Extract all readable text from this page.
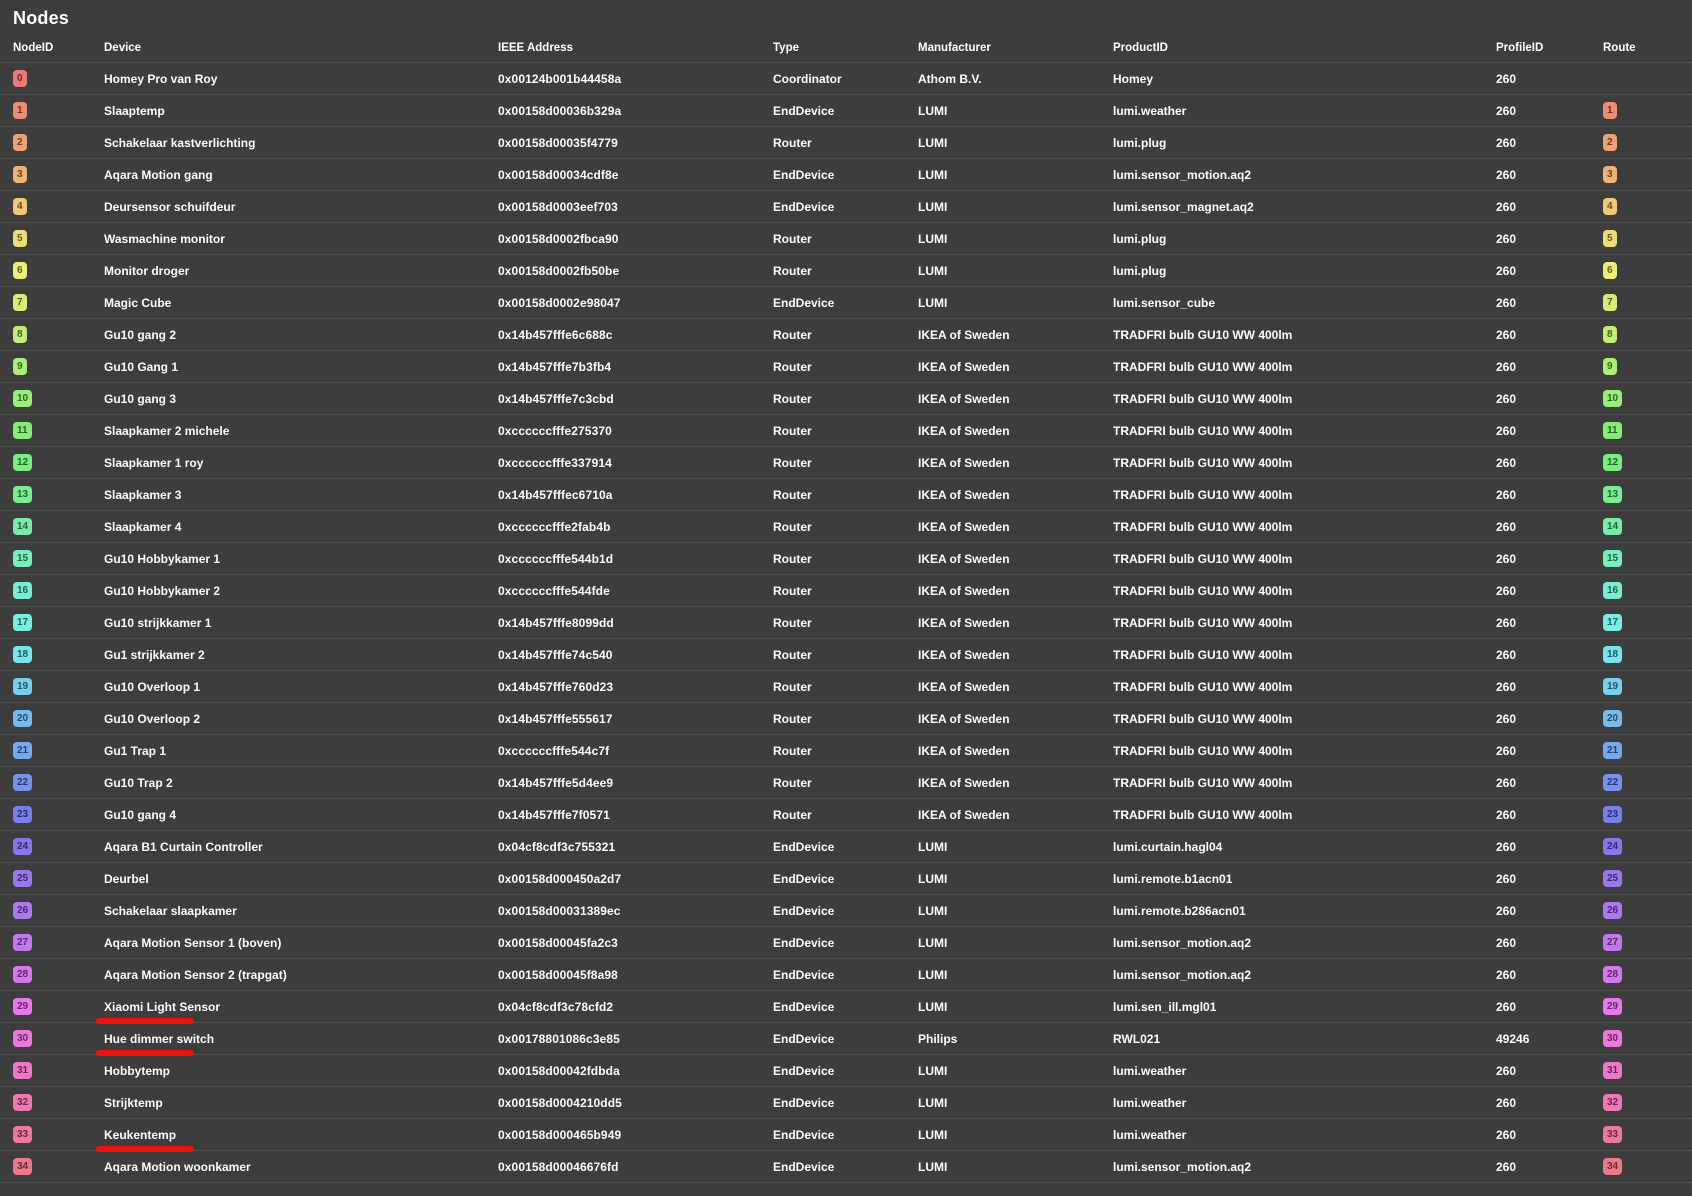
Nodes
NodeID	Device	IEEE Address	Type	Manufacturer	ProductID	ProfileID	Route
0	Homey Pro van Roy	0x00124b001b44458a	Coordinator	Athom B.V.	Homey	260
1	Slaaptemp	0x00158d00036b329a	EndDevice	LUMI	lumi.weather	260	1
2	Schakelaar kastverlichting	0x00158d00035f4779	Router	LUMI	lumi.plug	260	2
3	Aqara Motion gang	0x00158d00034cdf8e	EndDevice	LUMI	lumi.sensor_motion.aq2	260	3
4	Deursensor schuifdeur	0x00158d0003eef703	EndDevice	LUMI	lumi.sensor_magnet.aq2	260	4
5	Wasmachine monitor	0x00158d0002fbca90	Router	LUMI	lumi.plug	260	5
6	Monitor droger	0x00158d0002fb50be	Router	LUMI	lumi.plug	260	6
7	Magic Cube	0x00158d0002e98047	EndDevice	LUMI	lumi.sensor_cube	260	7
8	Gu10 gang 2	0x14b457fffe6c688c	Router	IKEA of Sweden	TRADFRI bulb GU10 WW 400lm	260	8
9	Gu10 Gang 1	0x14b457fffe7b3fb4	Router	IKEA of Sweden	TRADFRI bulb GU10 WW 400lm	260	9
10	Gu10 gang 3	0x14b457fffe7c3cbd	Router	IKEA of Sweden	TRADFRI bulb GU10 WW 400lm	260	10
11	Slaapkamer 2 michele	0xccccccfffe275370	Router	IKEA of Sweden	TRADFRI bulb GU10 WW 400lm	260	11
12	Slaapkamer 1 roy	0xccccccfffe337914	Router	IKEA of Sweden	TRADFRI bulb GU10 WW 400lm	260	12
13	Slaapkamer 3	0x14b457fffec6710a	Router	IKEA of Sweden	TRADFRI bulb GU10 WW 400lm	260	13
14	Slaapkamer 4	0xccccccfffe2fab4b	Router	IKEA of Sweden	TRADFRI bulb GU10 WW 400lm	260	14
15	Gu10 Hobbykamer 1	0xccccccfffe544b1d	Router	IKEA of Sweden	TRADFRI bulb GU10 WW 400lm	260	15
16	Gu10 Hobbykamer 2	0xccccccfffe544fde	Router	IKEA of Sweden	TRADFRI bulb GU10 WW 400lm	260	16
17	Gu10 strijkkamer 1	0x14b457fffe8099dd	Router	IKEA of Sweden	TRADFRI bulb GU10 WW 400lm	260	17
18	Gu1 strijkkamer 2	0x14b457fffe74c540	Router	IKEA of Sweden	TRADFRI bulb GU10 WW 400lm	260	18
19	Gu10 Overloop 1	0x14b457fffe760d23	Router	IKEA of Sweden	TRADFRI bulb GU10 WW 400lm	260	19
20	Gu10 Overloop 2	0x14b457fffe555617	Router	IKEA of Sweden	TRADFRI bulb GU10 WW 400lm	260	20
21	Gu1 Trap 1	0xccccccfffe544c7f	Router	IKEA of Sweden	TRADFRI bulb GU10 WW 400lm	260	21
22	Gu10 Trap 2	0x14b457fffe5d4ee9	Router	IKEA of Sweden	TRADFRI bulb GU10 WW 400lm	260	22
23	Gu10 gang 4	0x14b457fffe7f0571	Router	IKEA of Sweden	TRADFRI bulb GU10 WW 400lm	260	23
24	Aqara B1 Curtain Controller	0x04cf8cdf3c755321	EndDevice	LUMI	lumi.curtain.hagl04	260	24
25	Deurbel	0x00158d000450a2d7	EndDevice	LUMI	lumi.remote.b1acn01	260	25
26	Schakelaar slaapkamer	0x00158d00031389ec	EndDevice	LUMI	lumi.remote.b286acn01	260	26
27	Aqara Motion Sensor 1 (boven)	0x00158d00045fa2c3	EndDevice	LUMI	lumi.sensor_motion.aq2	260	27
28	Aqara Motion Sensor 2 (trapgat)	0x00158d00045f8a98	EndDevice	LUMI	lumi.sensor_motion.aq2	260	28
29	Xiaomi Light Sensor	0x04cf8cdf3c78cfd2	EndDevice	LUMI	lumi.sen_ill.mgl01	260	29
30	Hue dimmer switch	0x00178801086c3e85	EndDevice	Philips	RWL021	49246	30
31	Hobbytemp	0x00158d00042fdbda	EndDevice	LUMI	lumi.weather	260	31
32	Strijktemp	0x00158d0004210dd5	EndDevice	LUMI	lumi.weather	260	32
33	Keukentemp	0x00158d000465b949	EndDevice	LUMI	lumi.weather	260	33
34	Aqara Motion woonkamer	0x00158d00046676fd	EndDevice	LUMI	lumi.sensor_motion.aq2	260	34
